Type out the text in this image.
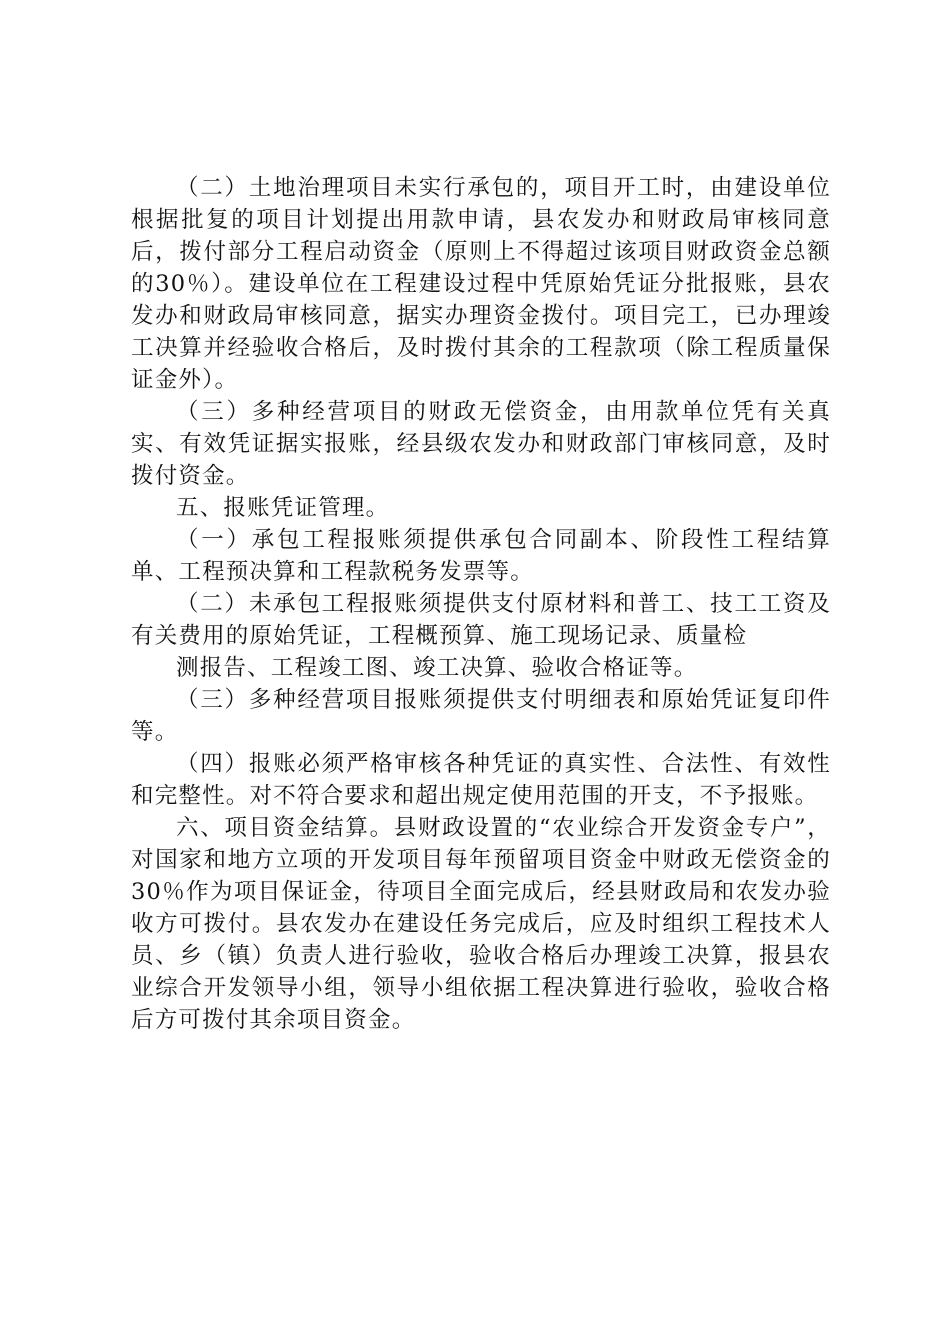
（二）土地治理项目未实行承包的，项目开工时，由建设单位根据批复的项目计划提出用款申请，县农发办和财政局审核同意后，拨付部分工程启动资金（原则上不得超过该项目财政资金总额的30％）。建设单位在工程建设过程中凭原始凭证分批报账，县农发办和财政局审核同意，据实办理资金拨付。项目完工，已办理竣工决算并经验收合格后，及时拨付其余的工程款项（除工程质量保证金外）。

（三）多种经营项目的财政无偿资金，由用款单位凭有关真实、有效凭证据实报账，经县级农发办和财政部门审核同意，及时拨付资金。

五、报账凭证管理。

（一）承包工程报账须提供承包合同副本、阶段性工程结算单、工程预决算和工程款税务发票等。

（二）未承包工程报账须提供支付原材料和普工、技工工资及有关费用的原始凭证，工程概预算、施工现场记录、质量检

测报告、工程竣工图、竣工决算、验收合格证等。

（三）多种经营项目报账须提供支付明细表和原始凭证复印件等。

（四）报账必须严格审核各种凭证的真实性、合法性、有效性和完整性。对不符合要求和超出规定使用范围的开支，不予报账。

六、项目资金结算。县财政设置的“农业综合开发资金专户”，对国家和地方立项的开发项目每年预留项目资金中财政无偿资金的30％作为项目保证金，待项目全面完成后，经县财政局和农发办验收方可拨付。县农发办在建设任务完成后，应及时组织工程技术人员、乡（镇）负责人进行验收，验收合格后办理竣工决算，报县农业综合开发领导小组，领导小组依据工程决算进行验收，验收合格后方可拨付其余项目资金。
